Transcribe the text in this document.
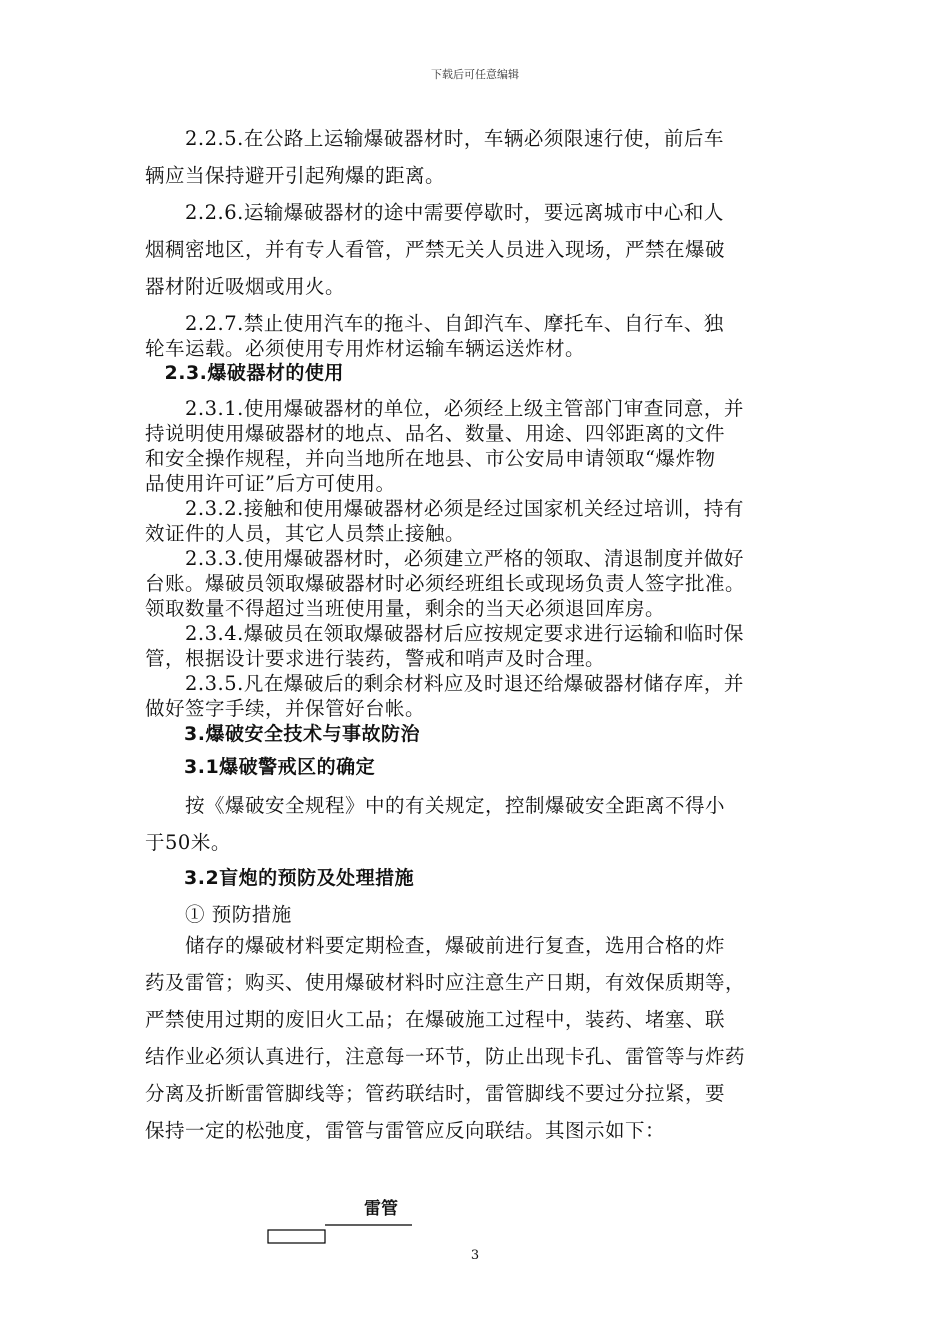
下载后可任意编辑
　　2.2.5.在公路上运输爆破器材时，车辆必须限速行使，前后车
辆应当保持避开引起殉爆的距离。
　　2.2.6.运输爆破器材的途中需要停歇时，要远离城市中心和人
烟稠密地区，并有专人看管，严禁无关人员进入现场，严禁在爆破
器材附近吸烟或用火。
　　2.2.7.禁止使用汽车的拖斗、自卸汽车、摩托车、自行车、独
轮车运载。必须使用专用炸材运输车辆运送炸材。
　2.3.爆破器材的使用
　　2.3.1.使用爆破器材的单位，必须经上级主管部门审查同意，并
持说明使用爆破器材的地点、品名、数量、用途、四邻距离的文件
和安全操作规程，并向当地所在地县、市公安局申请领取“爆炸物
品使用许可证”后方可使用。
　　2.3.2.接触和使用爆破器材必须是经过国家机关经过培训，持有
效证件的人员，其它人员禁止接触。
　　2.3.3.使用爆破器材时，必须建立严格的领取、清退制度并做好
台账。爆破员领取爆破器材时必须经班组长或现场负责人签字批准。
领取数量不得超过当班使用量，剩余的当天必须退回库房。
　　2.3.4.爆破员在领取爆破器材后应按规定要求进行运输和临时保
管，根据设计要求进行装药，警戒和哨声及时合理。
　　2.3.5.凡在爆破后的剩余材料应及时退还给爆破器材储存库，并
做好签字手续，并保管好台帐。
　　3.爆破安全技术与事故防治
　　3.1爆破警戒区的确定
　　按《爆破安全规程》中的有关规定，控制爆破安全距离不得小
于50米。
　　3.2盲炮的预防及处理措施
　　① 预防措施
　　储存的爆破材料要定期检查，爆破前进行复查，选用合格的炸
药及雷管；购买、使用爆破材料时应注意生产日期，有效保质期等，
严禁使用过期的废旧火工品；在爆破施工过程中，装药、堵塞、联
结作业必须认真进行，注意每一环节，防止出现卡孔、雷管等与炸药
分离及折断雷管脚线等；管药联结时，雷管脚线不要过分拉紧，要
保持一定的松弛度，雷管与雷管应反向联结。其图示如下：
雷管
3
